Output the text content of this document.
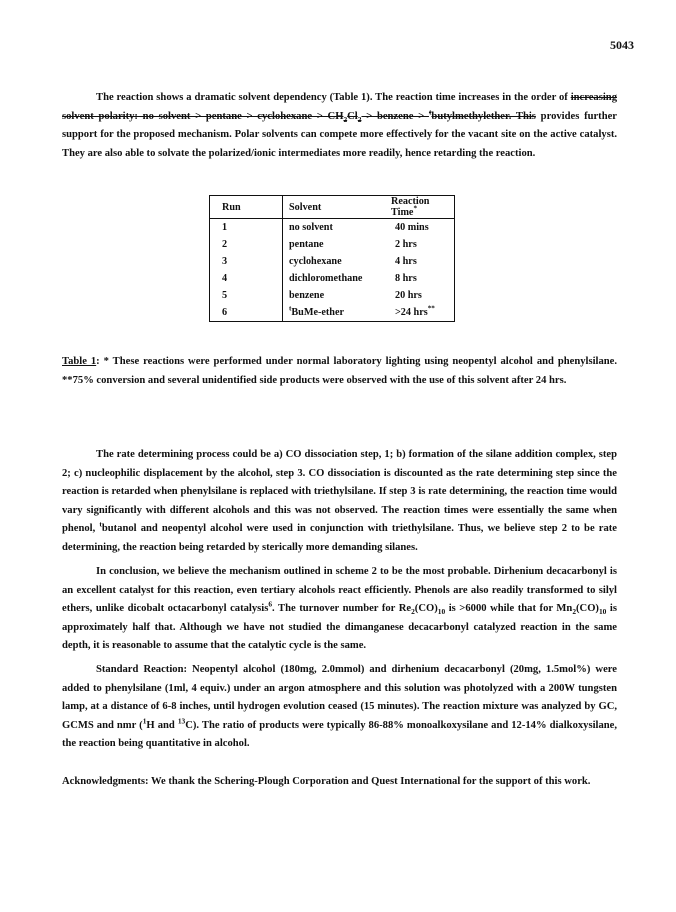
5043

The reaction shows a dramatic solvent dependency (Table 1). The reaction time increases in the order of increasing solvent polarity: no solvent > pentane > cyclohexane > $CH_2Cl_2$ > benzene > $^t$butylmethylether. This provides further support for the proposed mechanism. Polar solvents can compete more effectively for the vacant site on the active catalyst. They are also able to solvate the polarized/ionic intermediates more readily, hence retarding the reaction.

Run	Solvent	Reaction Time*
1	no solvent	40 mins
2	pentane	2 hrs
3	cyclohexane	4 hrs
4	dichloromethane	8 hrs
5	benzene	20 hrs
6	$^t$BuMe-ether	>24 hrs**

Table 1: * These reactions were performed under normal laboratory lighting using neopentyl alcohol and phenylsilane. **75% conversion and several unidentified side products were observed with the use of this solvent after 24 hrs.

The rate determining process could be a) CO dissociation step, 1; b) formation of the silane addition complex, step 2; c) nucleophilic displacement by the alcohol, step 3. CO dissociation is discounted as the rate determining step since the reaction is retarded when phenylsilane is replaced with triethylsilane. If step 3 is rate determining, the reaction time would vary significantly with different alcohols and this was not observed. The reaction times were essentially the same when phenol, $^t$butanol and neopentyl alcohol were used in conjunction with triethylsilane. Thus, we believe step 2 to be rate determining, the reaction being retarded by sterically more demanding silanes.

In conclusion, we believe the mechanism outlined in scheme 2 to be the most probable. Dirhenium decacarbonyl is an excellent catalyst for this reaction, even tertiary alcohols react efficiently. Phenols are also readily transformed to silyl ethers, unlike dicobalt octacarbonyl catalysis$^6$. The turnover number for $Re_2(CO)_{10}$ is >6000 while that for $Mn_2(CO)_{10}$ is approximately half that. Although we have not studied the dimanganese decacarbonyl catalyzed reaction in the same depth, it is reasonable to assume that the catalytic cycle is the same.

Standard Reaction: Neopentyl alcohol (180mg, 2.0mmol) and dirhenium decacarbonyl (20mg, 1.5mol%) were added to phenylsilane (1ml, 4 equiv.) under an argon atmosphere and this solution was photolyzed with a 200W tungsten lamp, at a distance of 6-8 inches, until hydrogen evolution ceased (15 minutes). The reaction mixture was analyzed by GC, GCMS and nmr ($^1$H and $^{13}$C). The ratio of products were typically 86-88% monoalkoxysilane and 12-14% dialkoxysilane, the reaction being quantitative in alcohol.

Acknowledgments: We thank the Schering-Plough Corporation and Quest International for the support of this work.
